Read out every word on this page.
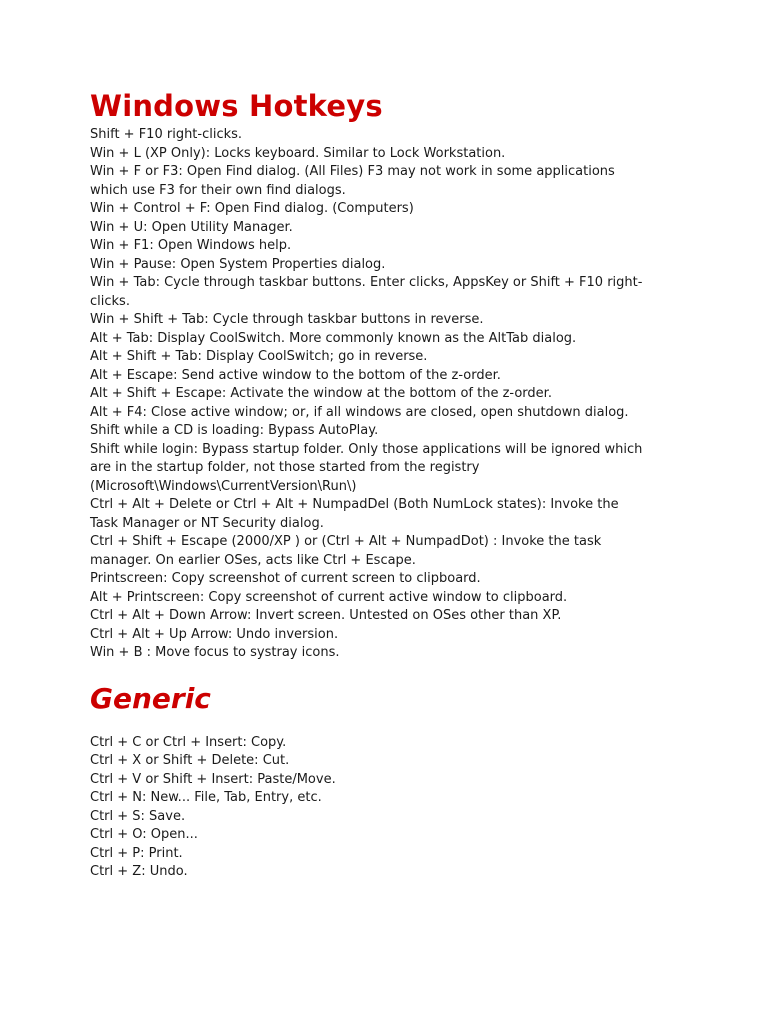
Windows Hotkeys
Shift + F10 right-clicks.
Win + L (XP Only): Locks keyboard. Similar to Lock Workstation.
Win + F or F3: Open Find dialog. (All Files) F3 may not work in some applications
which use F3 for their own find dialogs.
Win + Control + F: Open Find dialog. (Computers)
Win + U: Open Utility Manager.
Win + F1: Open Windows help.
Win + Pause: Open System Properties dialog.
Win + Tab: Cycle through taskbar buttons. Enter clicks, AppsKey or Shift + F10 right-
clicks.
Win + Shift + Tab: Cycle through taskbar buttons in reverse.
Alt + Tab: Display CoolSwitch. More commonly known as the AltTab dialog.
Alt + Shift + Tab: Display CoolSwitch; go in reverse.
Alt + Escape: Send active window to the bottom of the z-order.
Alt + Shift + Escape: Activate the window at the bottom of the z-order.
Alt + F4: Close active window; or, if all windows are closed, open shutdown dialog.
Shift while a CD is loading: Bypass AutoPlay.
Shift while login: Bypass startup folder. Only those applications will be ignored which
are in the startup folder, not those started from the registry
(Microsoft\Windows\CurrentVersion\Run\)
Ctrl + Alt + Delete or Ctrl + Alt + NumpadDel (Both NumLock states): Invoke the
Task Manager or NT Security dialog.
Ctrl + Shift + Escape (2000/XP ) or (Ctrl + Alt + NumpadDot) : Invoke the task
manager. On earlier OSes, acts like Ctrl + Escape.
Printscreen: Copy screenshot of current screen to clipboard.
Alt + Printscreen: Copy screenshot of current active window to clipboard.
Ctrl + Alt + Down Arrow: Invert screen. Untested on OSes other than XP.
Ctrl + Alt + Up Arrow: Undo inversion.
Win + B : Move focus to systray icons.
Generic
Ctrl + C or Ctrl + Insert: Copy.
Ctrl + X or Shift + Delete: Cut.
Ctrl + V or Shift + Insert: Paste/Move.
Ctrl + N: New... File, Tab, Entry, etc.
Ctrl + S: Save.
Ctrl + O: Open...
Ctrl + P: Print.
Ctrl + Z: Undo.
